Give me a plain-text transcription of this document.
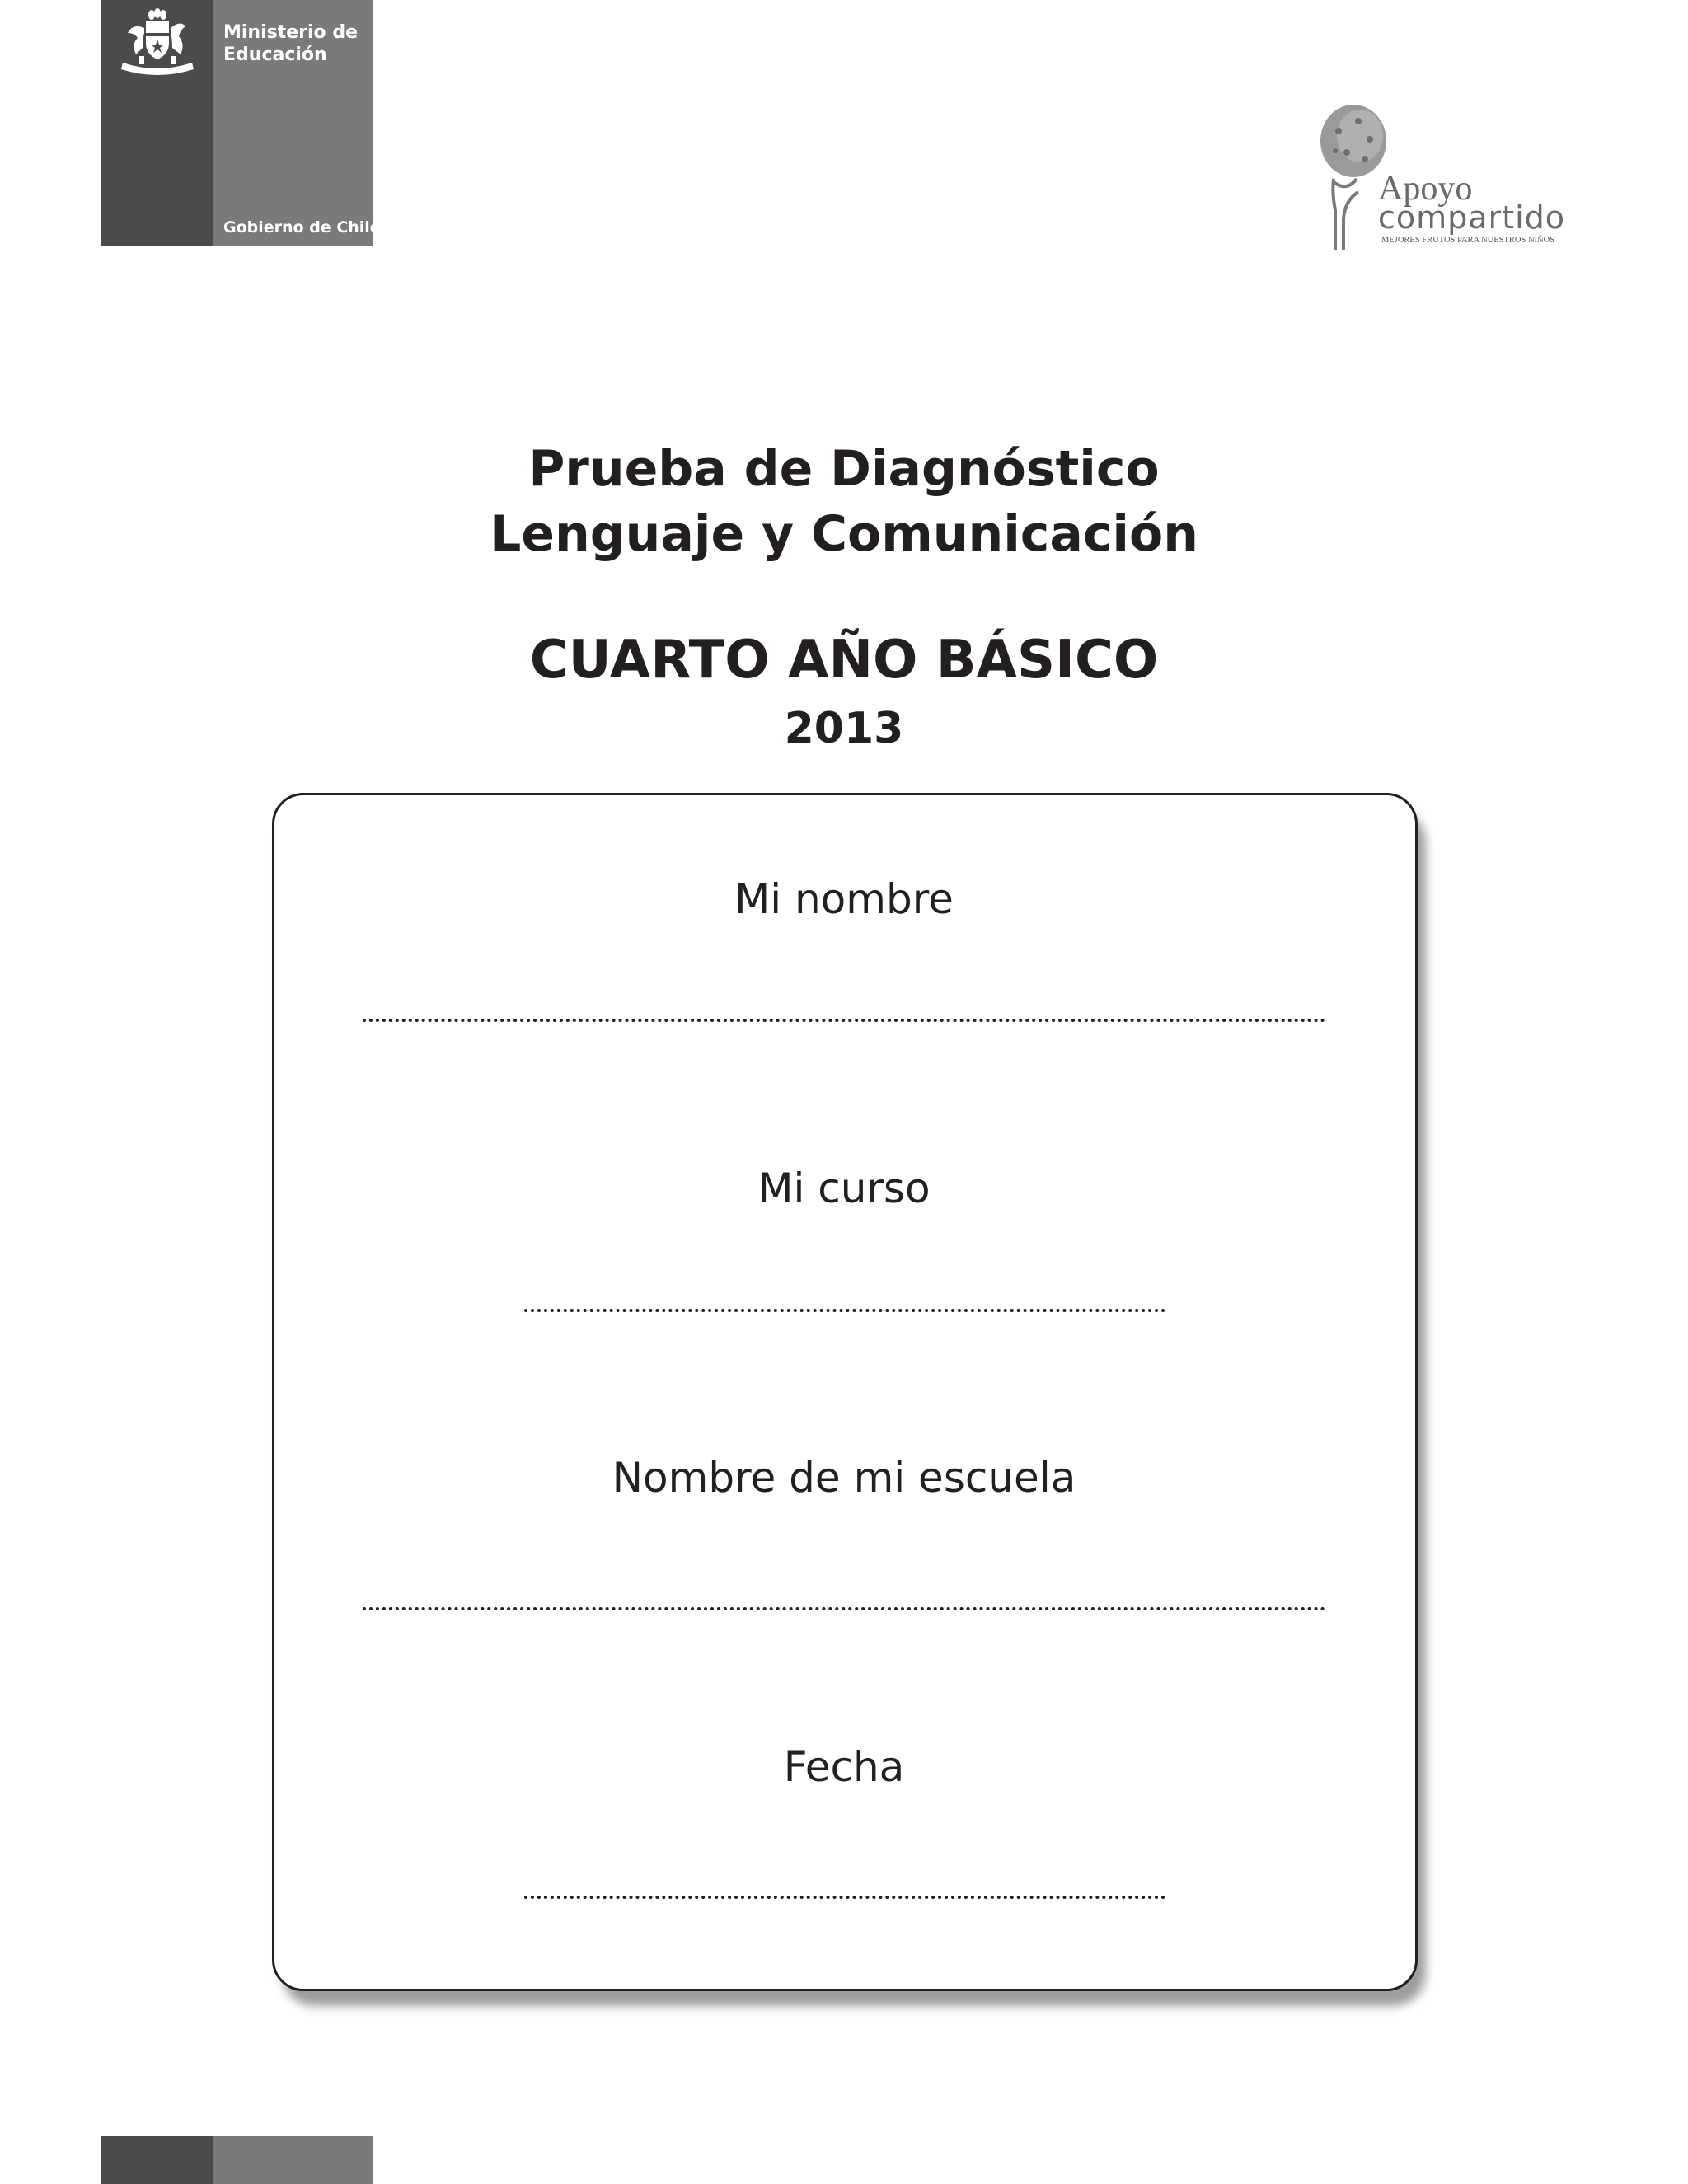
Ministerio de
Educación
Gobierno de Chile
Apoyo
compartido
MEJORES FRUTOS PARA NUESTROS NIÑOS
Prueba de Diagnóstico
Lenguaje y Comunicación
CUARTO AÑO BÁSICO
2013
Mi nombre
Mi curso
Nombre de mi escuela
Fecha
